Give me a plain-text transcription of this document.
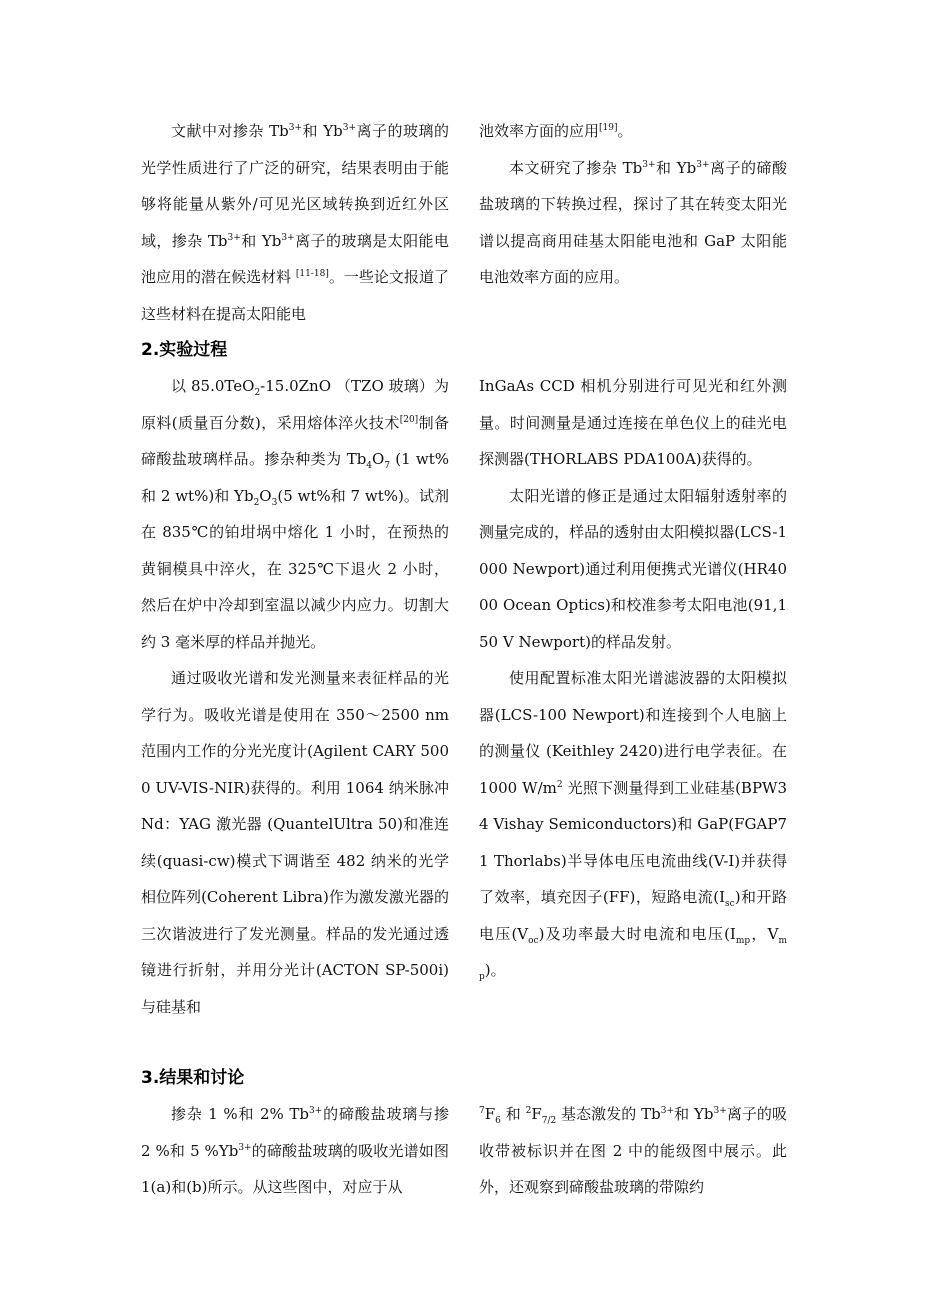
文献中对掺杂 $Tb^{3+}$和 $Yb^{3+}$离子的玻璃的光学性质进行了广泛的研究，结果表明由于能够将能量从紫外/可见光区域转换到近红外区域，掺杂 $Tb^{3+}$和 $Yb^{3+}$离子的玻璃是太阳能电池应用的潜在候选材料 [11-18]。一些论文报道了这些材料在提高太阳能电

池效率方面的应用[19]。

本文研究了掺杂 $Tb^{3+}$和 $Yb^{3+}$离子的碲酸盐玻璃的下转换过程，探讨了其在转变太阳光谱以提高商用硅基太阳能电池和 GaP 太阳能电池效率方面的应用。

2.实验过程

以 85.0TeO$_2$-15.0ZnO （TZO 玻璃）为原料(质量百分数)，采用熔体淬火技术[20]制备碲酸盐玻璃样品。掺杂种类为 $Tb_4O_7$ (1 wt%和 2 wt%)和 $Yb_2O_3(5$ wt%和 7 wt%)。试剂在 835℃的铂坩埚中熔化 1 小时，在预热的黄铜模具中淬火，在 325℃下退火 2 小时，然后在炉中冷却到室温以减少内应力。切割大约 3 毫米厚的样品并抛光。

通过吸收光谱和发光测量来表征样品的光学行为。吸收光谱是使用在 350～2500 nm 范围内工作的分光光度计(Agilent CARY 5000 UV-VIS-NIR)获得的。利用 1064 纳米脉冲 Nd：YAG 激光器 (QuantelUltra 50)和准连续(quasi-cw)模式下调谐至 482 纳米的光学相位阵列(Coherent Libra)作为激发激光器的三次谐波进行了发光测量。样品的发光通过透镜进行折射，并用分光计(ACTON SP-500i)与硅基和

InGaAs CCD 相机分别进行可见光和红外测量。时间测量是通过连接在单色仪上的硅光电探测器(THORLABS PDA100A)获得的。

太阳光谱的修正是通过太阳辐射透射率的测量完成的，样品的透射由太阳模拟器(LCS-1000 Newport)通过利用便携式光谱仪(HR4000 Ocean Optics)和校准参考太阳电池(91,150 V Newport)的样品发射。

使用配置标准太阳光谱滤波器的太阳模拟器(LCS-100 Newport)和连接到个人电脑上的测量仪 (Keithley 2420)进行电学表征。在 1000 $W/m^2$ 光照下测量得到工业硅基(BPW34 Vishay Semiconductors)和 GaP(FGAP71 Thorlabs)半导体电压电流曲线(V-I)并获得了效率，填充因子(FF)，短路电流$(I_{sc})$和开路电压$(V_{oc})$及功率最大时电流和电压($I_{mp}$，$V_{mp}$)。

3.结果和讨论

掺杂 1 %和 2% $Tb^{3+}$的碲酸盐玻璃与掺 2 %和 5 $\%Yb^{3+}$的碲酸盐玻璃的吸收光谱如图 1(a)和(b)所示。从这些图中，对应于从

$^7F_6$ 和 $^2F_{7/2}$ 基态激发的 $Tb^{3+}$和 $Yb^{3+}$离子的吸收带被标识并在图 2 中的能级图中展示。此外，还观察到碲酸盐玻璃的带隙约
